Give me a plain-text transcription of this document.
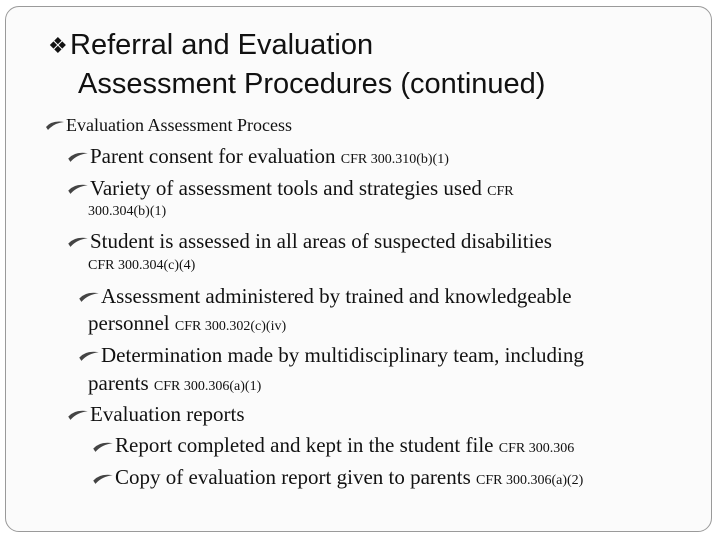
❖Referral and Evaluation
Assessment Procedures (continued)
Evaluation Assessment Process
Parent consent for evaluation CFR 300.310(b)(1)
Variety of assessment tools and strategies used CFR
300.304(b)(1)
Student is assessed in all areas of suspected disabilities
CFR 300.304(c)(4)
Assessment administered by trained and knowledgeable
personnel CFR 300.302(c)(iv)
Determination made by multidisciplinary team, including
parents CFR 300.306(a)(1)
Evaluation reports
Report completed and kept in the student file CFR 300.306
Copy of evaluation report given to parents CFR 300.306(a)(2)
